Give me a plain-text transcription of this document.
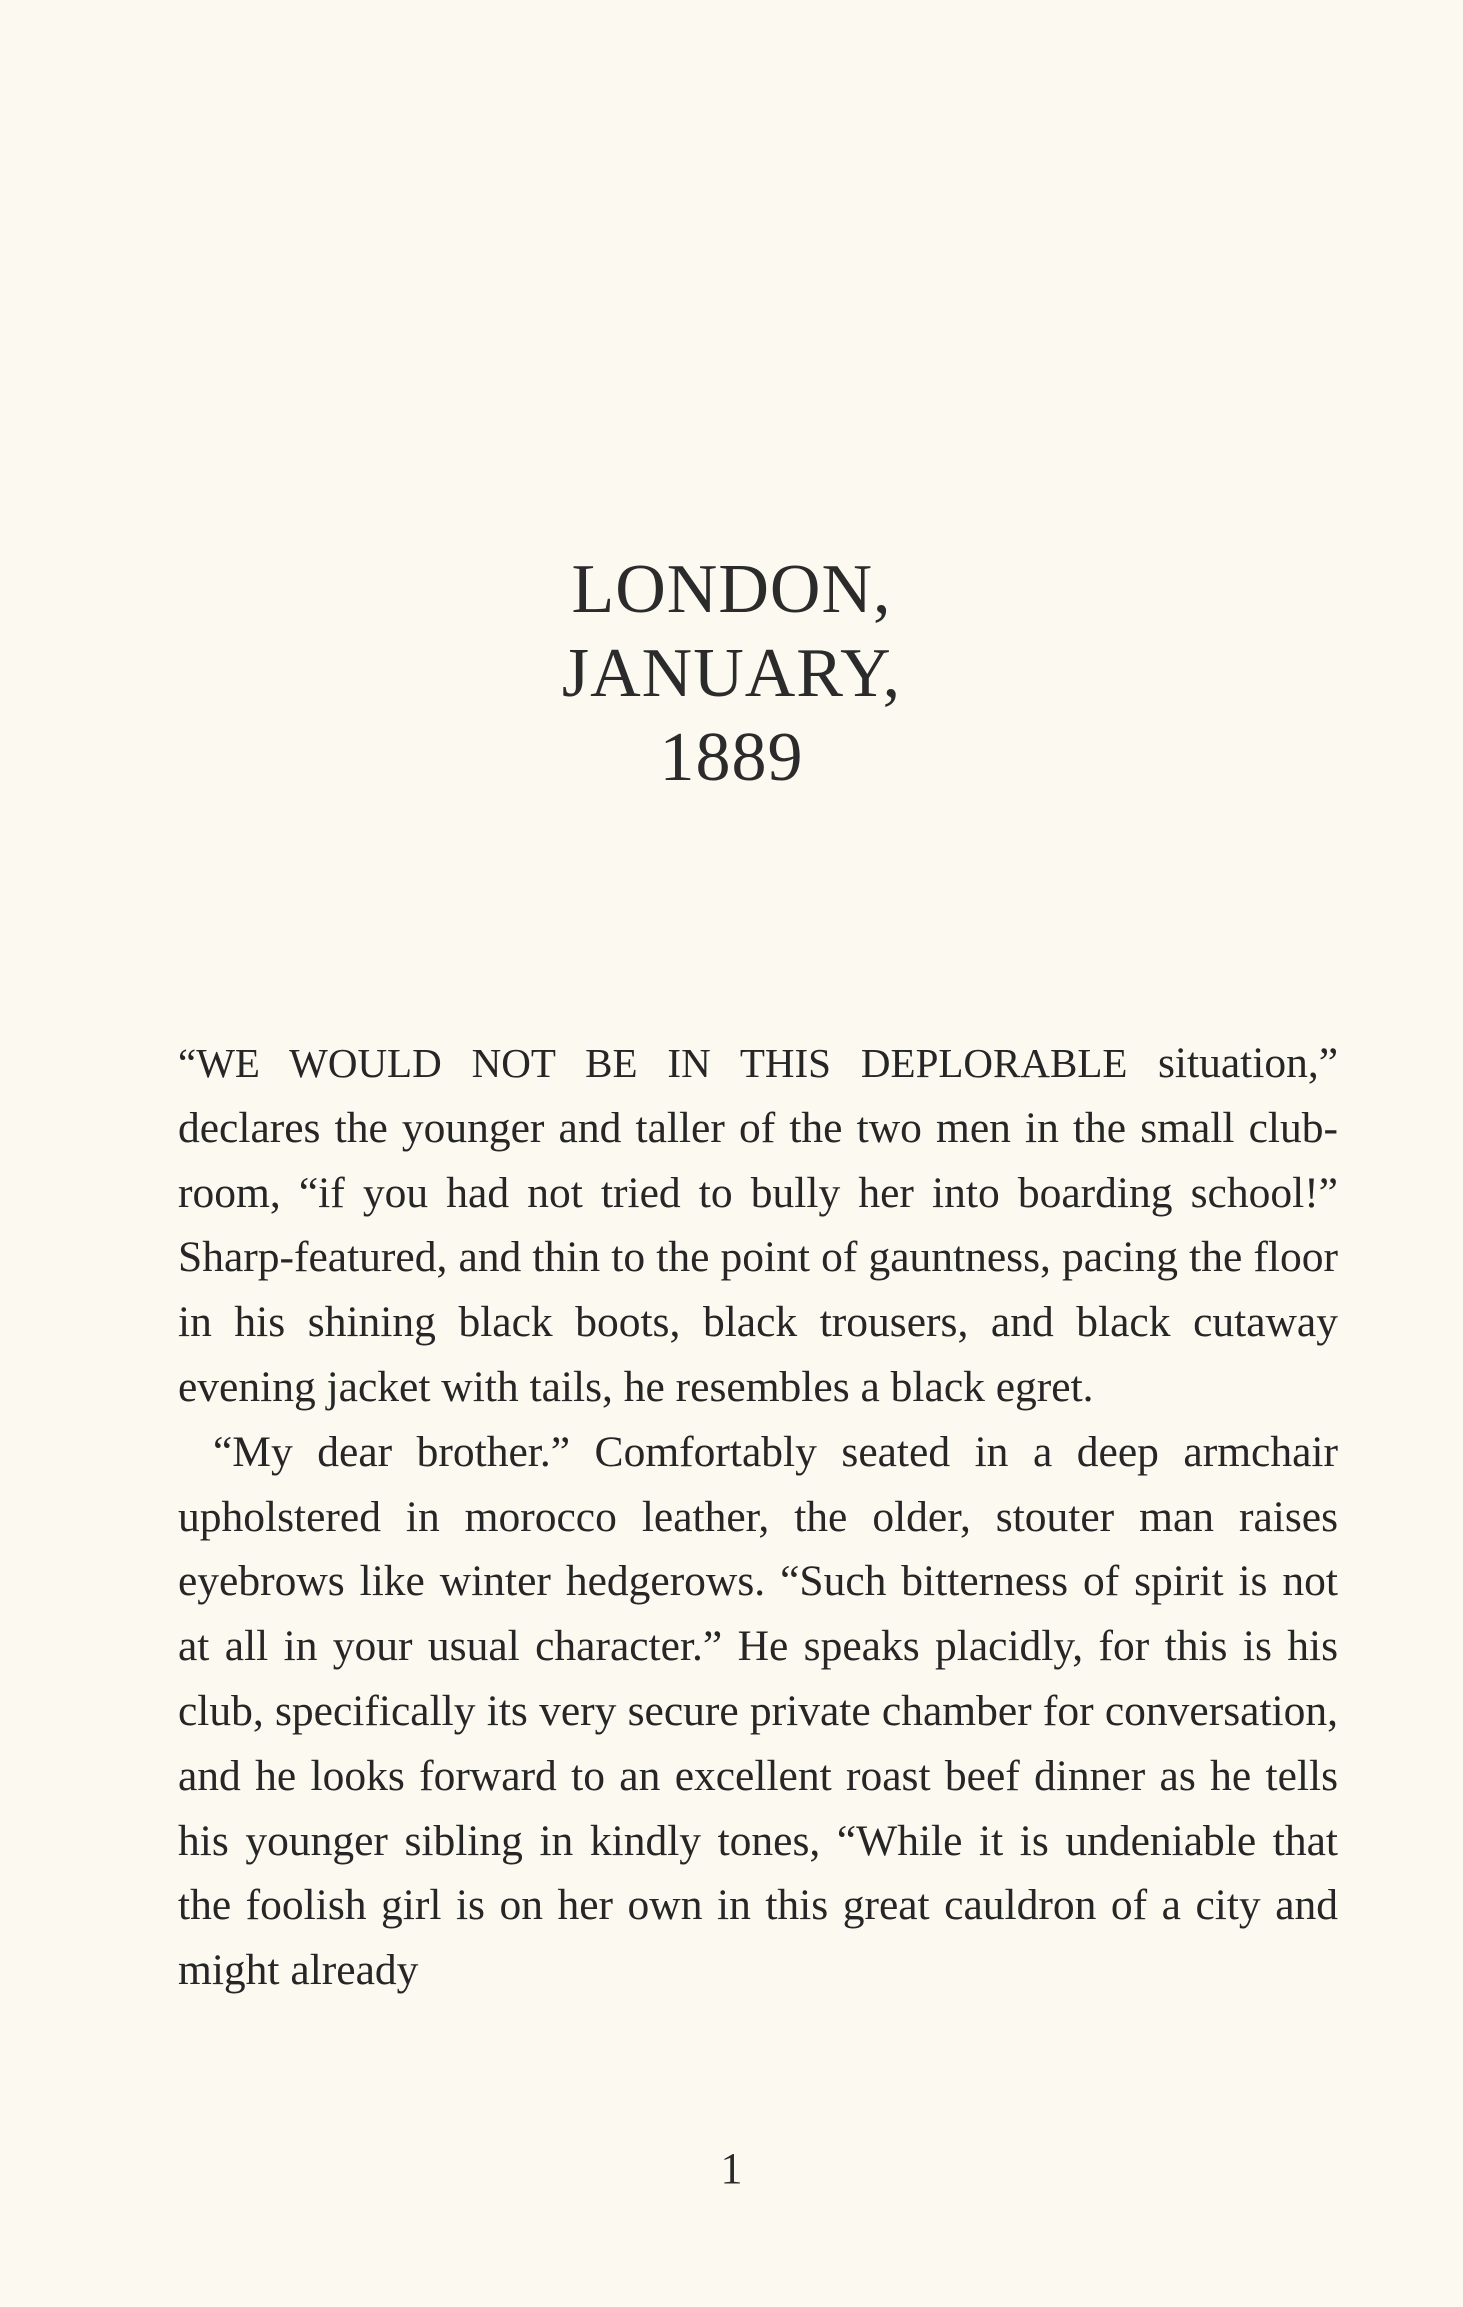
LONDON,
JANUARY,
1889

“WE WOULD NOT BE IN THIS DEPLORABLE situation,” declares the younger and taller of the two men in the small club-room, “if you had not tried to bully her into boarding school!” Sharp-featured, and thin to the point of gauntness, pacing the floor in his shining black boots, black trousers, and black cutaway evening jacket with tails, he resembles a black egret.

“My dear brother.” Comfortably seated in a deep armchair upholstered in morocco leather, the older, stouter man raises eyebrows like winter hedgerows. “Such bitterness of spirit is not at all in your usual character.” He speaks placidly, for this is his club, specifically its very secure private chamber for conversation, and he looks forward to an excellent roast beef dinner as he tells his younger sibling in kindly tones, “While it is undeniable that the foolish girl is on her own in this great cauldron of a city and might already

1
